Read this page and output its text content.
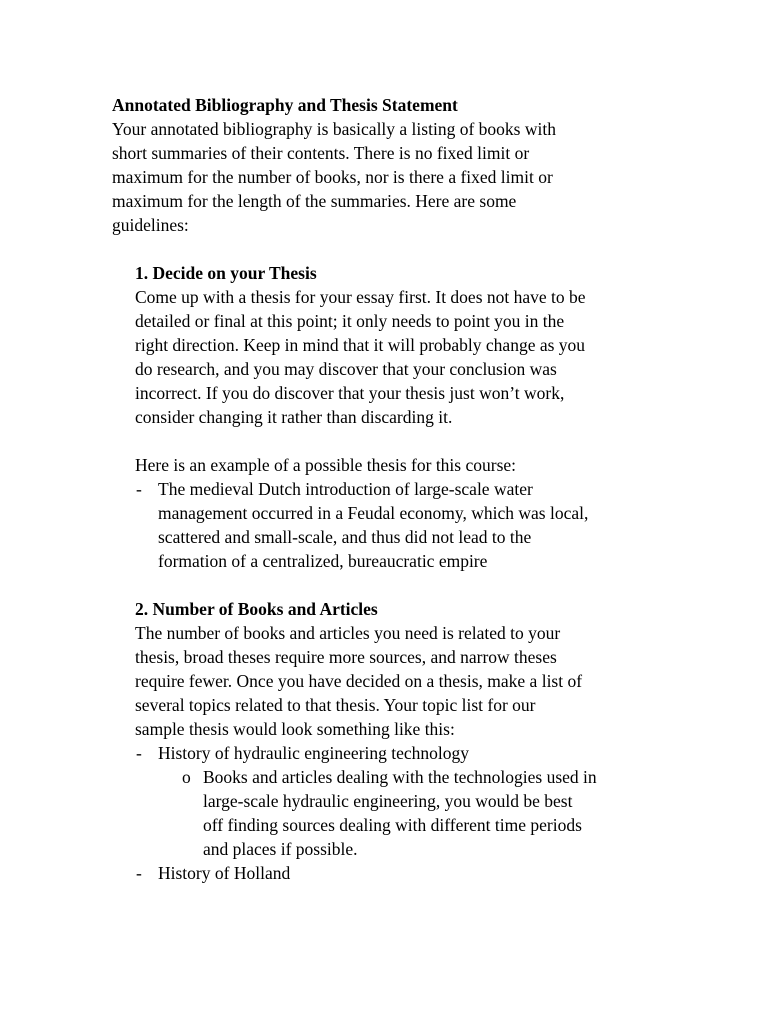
Annotated Bibliography and Thesis Statement
Your annotated bibliography is basically a listing of books with
short summaries of their contents. There is no fixed limit or
maximum for the number of books, nor is there a fixed limit or
maximum for the length of the summaries. Here are some
guidelines:
1. Decide on your Thesis
Come up with a thesis for your essay first. It does not have to be
detailed or final at this point; it only needs to point you in the
right direction. Keep in mind that it will probably change as you
do research, and you may discover that your conclusion was
incorrect. If you do discover that your thesis just won’t work,
consider changing it rather than discarding it.
Here is an example of a possible thesis for this course:
- The medieval Dutch introduction of large-scale water
management occurred in a Feudal economy, which was local,
scattered and small-scale, and thus did not lead to the
formation of a centralized, bureaucratic empire
2. Number of Books and Articles
The number of books and articles you need is related to your
thesis, broad theses require more sources, and narrow theses
require fewer. Once you have decided on a thesis, make a list of
several topics related to that thesis. Your topic list for our
sample thesis would look something like this:
- History of hydraulic engineering technology
o Books and articles dealing with the technologies used in
large-scale hydraulic engineering, you would be best
off finding sources dealing with different time periods
and places if possible.
- History of Holland
